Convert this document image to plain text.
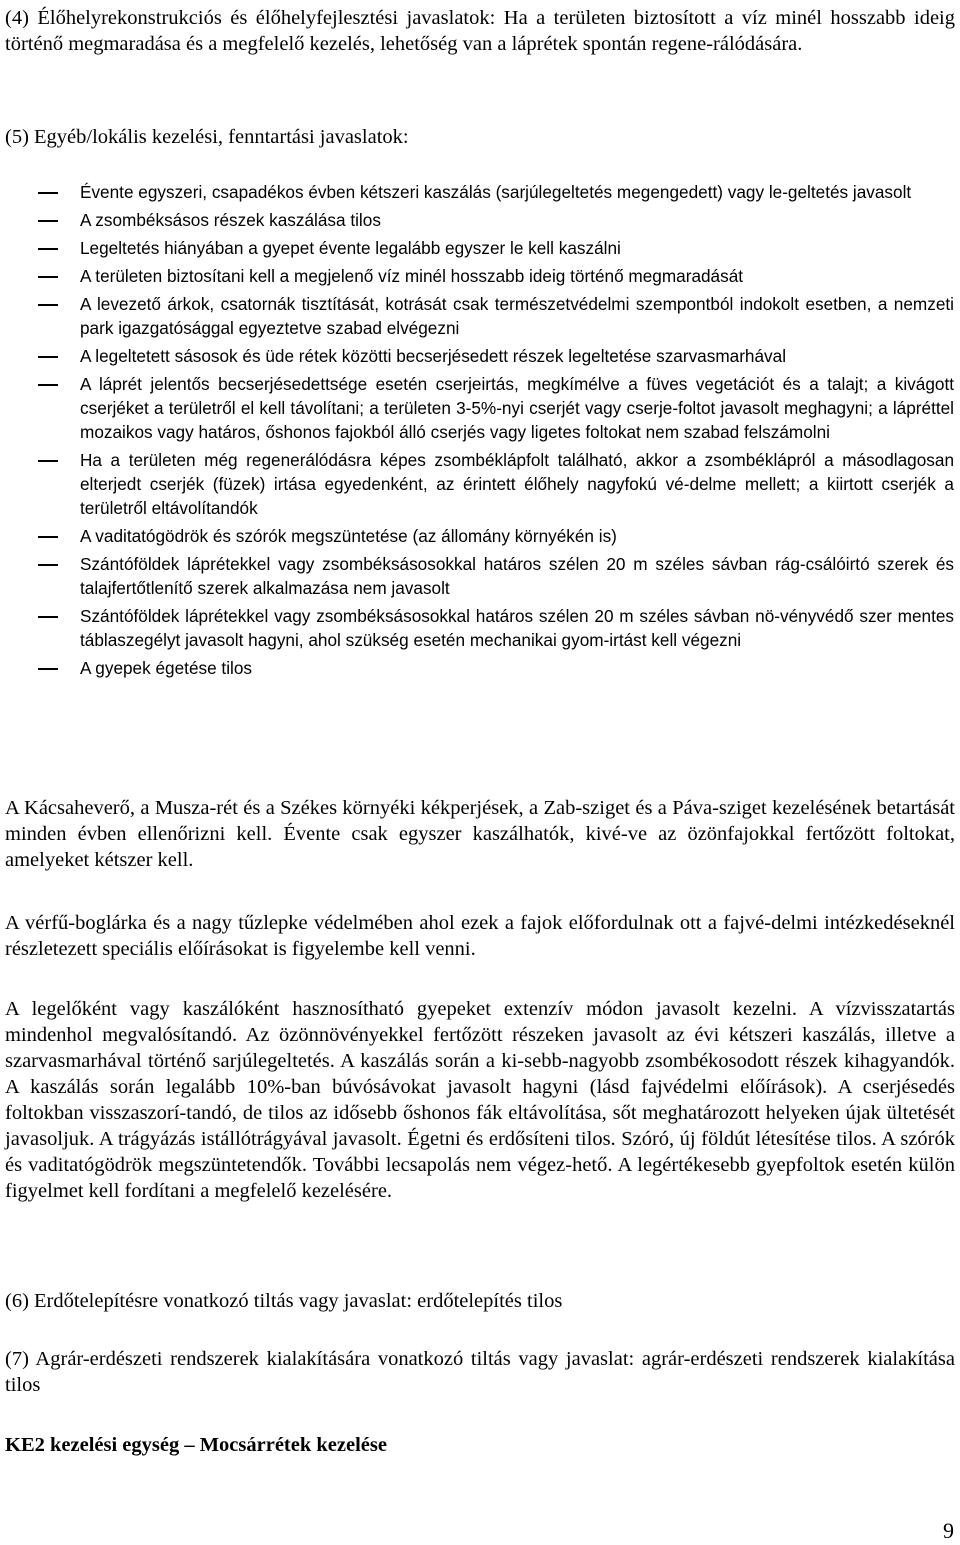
(4) Élőhelyrekonstrukciós és élőhelyfejlesztési javaslatok: Ha a területen biztosított a víz minél hosszabb ideig történő megmaradása és a megfelelő kezelés, lehetőség van a láprétek spontán regene-rálódására.

(5) Egyéb/lokális kezelési, fenntartási javaslatok:

Évente egyszeri, csapadékos évben kétszeri kaszálás (sarjúlegeltetés megengedett) vagy le-geltetés javasolt
A zsombéksásos részek kaszálása tilos
Legeltetés hiányában a gyepet évente legalább egyszer le kell kaszálni
A területen biztosítani kell a megjelenő víz minél hosszabb ideig történő megmaradását
A levezető árkok, csatornák tisztítását, kotrását csak természetvédelmi szempontból indokolt esetben, a nemzeti park igazgatósággal egyeztetve szabad elvégezni
A legeltetett sásosok és üde rétek közötti becserjésedett részek legeltetése szarvasmarhával
A láprét jelentős becserjésedettsége esetén cserjeirtás, megkímélve a füves vegetációt és a talajt; a kivágott cserjéket a területről el kell távolítani; a területen 3-5%-nyi cserjét vagy cserje-foltot javasolt meghagyni; a lápréttel mozaikos vagy határos, őshonos fajokból álló cserjés vagy ligetes foltokat nem szabad felszámolni
Ha a területen még regenerálódásra képes zsombéklápfolt található, akkor a zsombéklápról a másodlagosan elterjedt cserjék (füzek) irtása egyedenként, az érintett élőhely nagyfokú vé-delme mellett; a kiirtott cserjék a területről eltávolítandók
A vaditatógödrök és szórók megszüntetése (az állomány környékén is)
Szántóföldek láprétekkel vagy zsombéksásosokkal határos szélen 20 m széles sávban rág-csálóirtó szerek és talajfertőtlenítő szerek alkalmazása nem javasolt
Szántóföldek láprétekkel vagy zsombéksásosokkal határos szélen 20 m széles sávban nö-vényvédő szer mentes táblaszegélyt javasolt hagyni, ahol szükség esetén mechanikai gyom-irtást kell végezni
A gyepek égetése tilos

A Kácsaheverő, a Musza-rét és a Székes környéki kékperjések, a Zab-sziget és a Páva-sziget kezelésének betartását minden évben ellenőrizni kell. Évente csak egyszer kaszálhatók, kivé-ve az özönfajokkal fertőzött foltokat, amelyeket kétszer kell.

A vérfű-boglárka és a nagy tűzlepke védelmében ahol ezek a fajok előfordulnak ott a fajvé-delmi intézkedéseknél részletezett speciális előírásokat is figyelembe kell venni.

A legelőként vagy kaszálóként hasznosítható gyepeket extenzív módon javasolt kezelni. A vízvisszatartás mindenhol megvalósítandó. Az özönnövényekkel fertőzött részeken javasolt az évi kétszeri kaszálás, illetve a szarvasmarhával történő sarjúlegeltetés. A kaszálás során a ki-sebb-nagyobb zsombékosodott részek kihagyandók. A kaszálás során legalább 10%-ban búvósávokat javasolt hagyni (lásd fajvédelmi előírások). A cserjésedés foltokban visszaszorí-tandó, de tilos az idősebb őshonos fák eltávolítása, sőt meghatározott helyeken újak ültetését javasoljuk. A trágyázás istállótrágyával javasolt. Égetni és erdősíteni tilos. Szóró, új földút létesítése tilos. A szórók és vaditatógödrök megszüntetendők. További lecsapolás nem végez-hető. A legértékesebb gyepfoltok esetén külön figyelmet kell fordítani a megfelelő kezelésére.

(6) Erdőtelepítésre vonatkozó tiltás vagy javaslat: erdőtelepítés tilos

(7) Agrár-erdészeti rendszerek kialakítására vonatkozó tiltás vagy javaslat: agrár-erdészeti rendszerek kialakítása tilos

KE2 kezelési egység – Mocsárrétek kezelése

9
